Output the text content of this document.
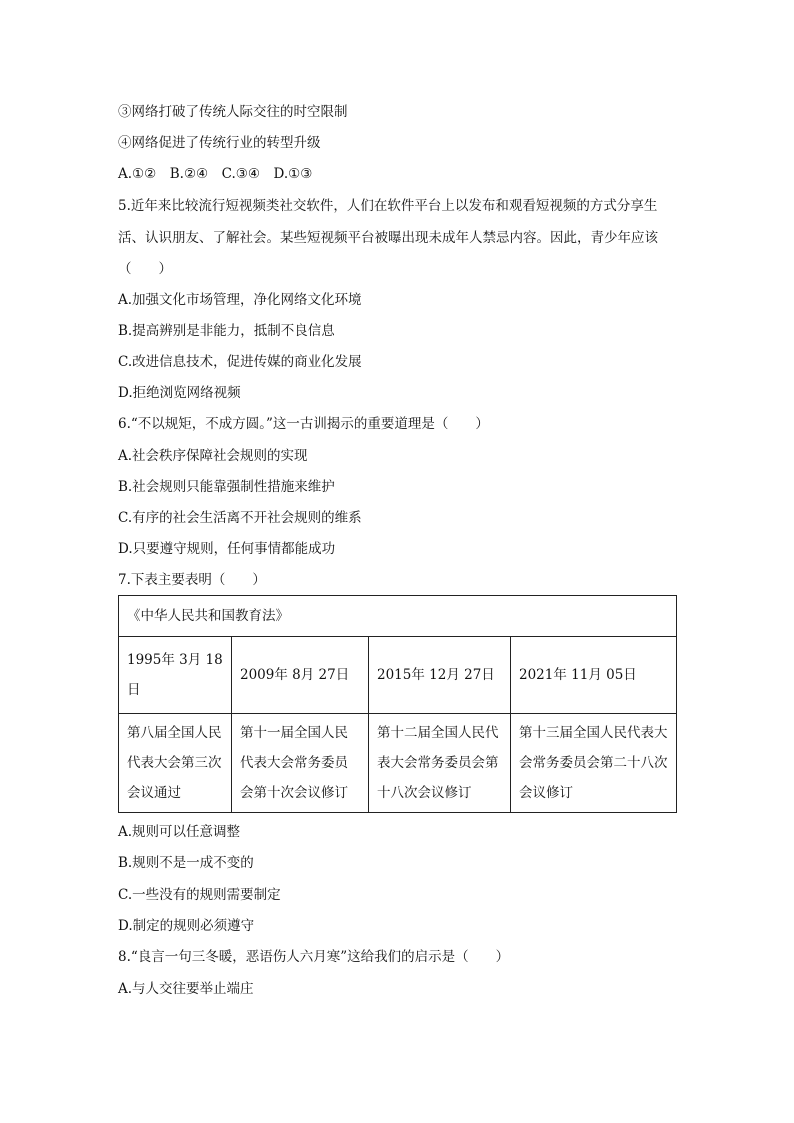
③网络打破了传统人际交往的时空限制
④网络促进了传统行业的转型升级
A.①②　B.②④　C.③④　D.①③
5.近年来比较流行短视频类社交软件，人们在软件平台上以发布和观看短视频的方式分享生
活、认识朋友、了解社会。某些短视频平台被曝出现未成年人禁忌内容。因此，青少年应该
（　　）
A.加强文化市场管理，净化网络文化环境
B.提高辨别是非能力，抵制不良信息
C.改进信息技术，促进传媒的商业化发展
D.拒绝浏览网络视频
6.“不以规矩，不成方圆。”这一古训揭示的重要道理是（　　）
A.社会秩序保障社会规则的实现
B.社会规则只能靠强制性措施来维护
C.有序的社会生活离不开社会规则的维系
D.只要遵守规则，任何事情都能成功
7.下表主要表明（　　）
《中华人民共和国教育法》			
1995年 3月 18日	2009年 8月 27日	2015年 12月 27日	2021年 11月 05日
第八届全国人民代表大会第三次会议通过	第十一届全国人民代表大会常务委员会第十次会议修订	第十二届全国人民代表大会常务委员会第十八次会议修订	第十三届全国人民代表大会常务委员会第二十八次会议修订
A.规则可以任意调整
B.规则不是一成不变的
C.一些没有的规则需要制定
D.制定的规则必须遵守
8.“良言一句三冬暖，恶语伤人六月寒”这给我们的启示是（　　）
A.与人交往要举止端庄
